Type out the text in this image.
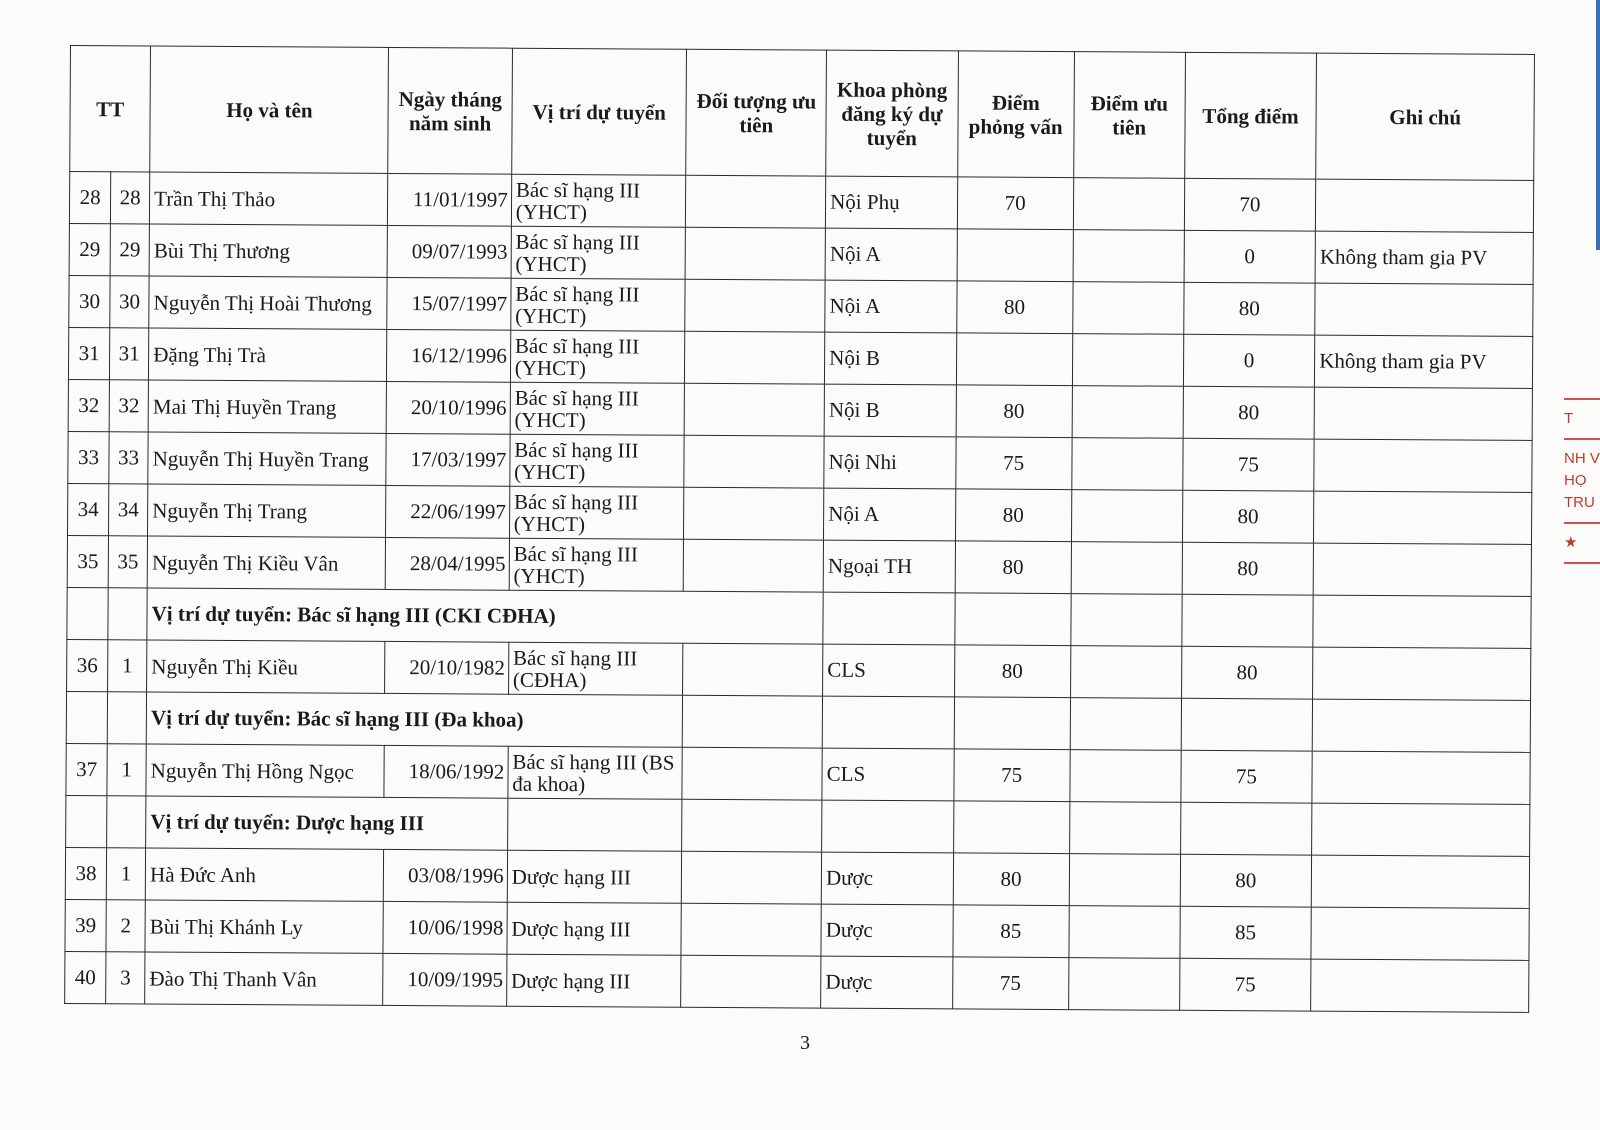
TT		Họ và tên	Ngày tháng năm sinh	Vị trí dự tuyển	Đối tượng ưu tiên	Khoa phòng đăng ký dự tuyển	Điểm phỏng vấn	Điểm ưu tiên	Tổng điểm	Ghi chú
28	28	Trần Thị Thảo	11/01/1997	Bác sĩ hạng III (YHCT)		Nội Phụ	70		70	
29	29	Bùi Thị Thương	09/07/1993	Bác sĩ hạng III (YHCT)		Nội A			0	Không tham gia PV
30	30	Nguyễn Thị Hoài Thương	15/07/1997	Bác sĩ hạng III (YHCT)		Nội A	80		80	
31	31	Đặng Thị Trà	16/12/1996	Bác sĩ hạng III (YHCT)		Nội B			0	Không tham gia PV
32	32	Mai Thị Huyền Trang	20/10/1996	Bác sĩ hạng III (YHCT)		Nội B	80		80	
33	33	Nguyễn Thị Huyền Trang	17/03/1997	Bác sĩ hạng III (YHCT)		Nội Nhi	75		75	
34	34	Nguyễn Thị Trang	22/06/1997	Bác sĩ hạng III (YHCT)		Nội A	80		80	
35	35	Nguyễn Thị Kiều Vân	28/04/1995	Bác sĩ hạng III (YHCT)		Ngoại TH	80		80	
		Vị trí dự tuyển: Bác sĩ hạng III (CKI CĐHA)								
36	1	Nguyễn Thị Kiều	20/10/1982	Bác sĩ hạng III (CĐHA)		CLS	80		80	
		Vị trí dự tuyển: Bác sĩ hạng III (Đa khoa)								
37	1	Nguyễn Thị Hồng Ngọc	18/06/1992	Bác sĩ hạng III (BS đa khoa)		CLS	75		75	
		Vị trí dự tuyển: Dược hạng III								
38	1	Hà Đức Anh	03/08/1996	Dược hạng III		Dược	80		80	
39	2	Bùi Thị Khánh Ly	10/06/1998	Dược hạng III		Dược	85		85	
40	3	Đào Thị Thanh Vân	10/09/1995	Dược hạng III		Dược	75		75	
3
T
NH V
HỌ
TRU
★
